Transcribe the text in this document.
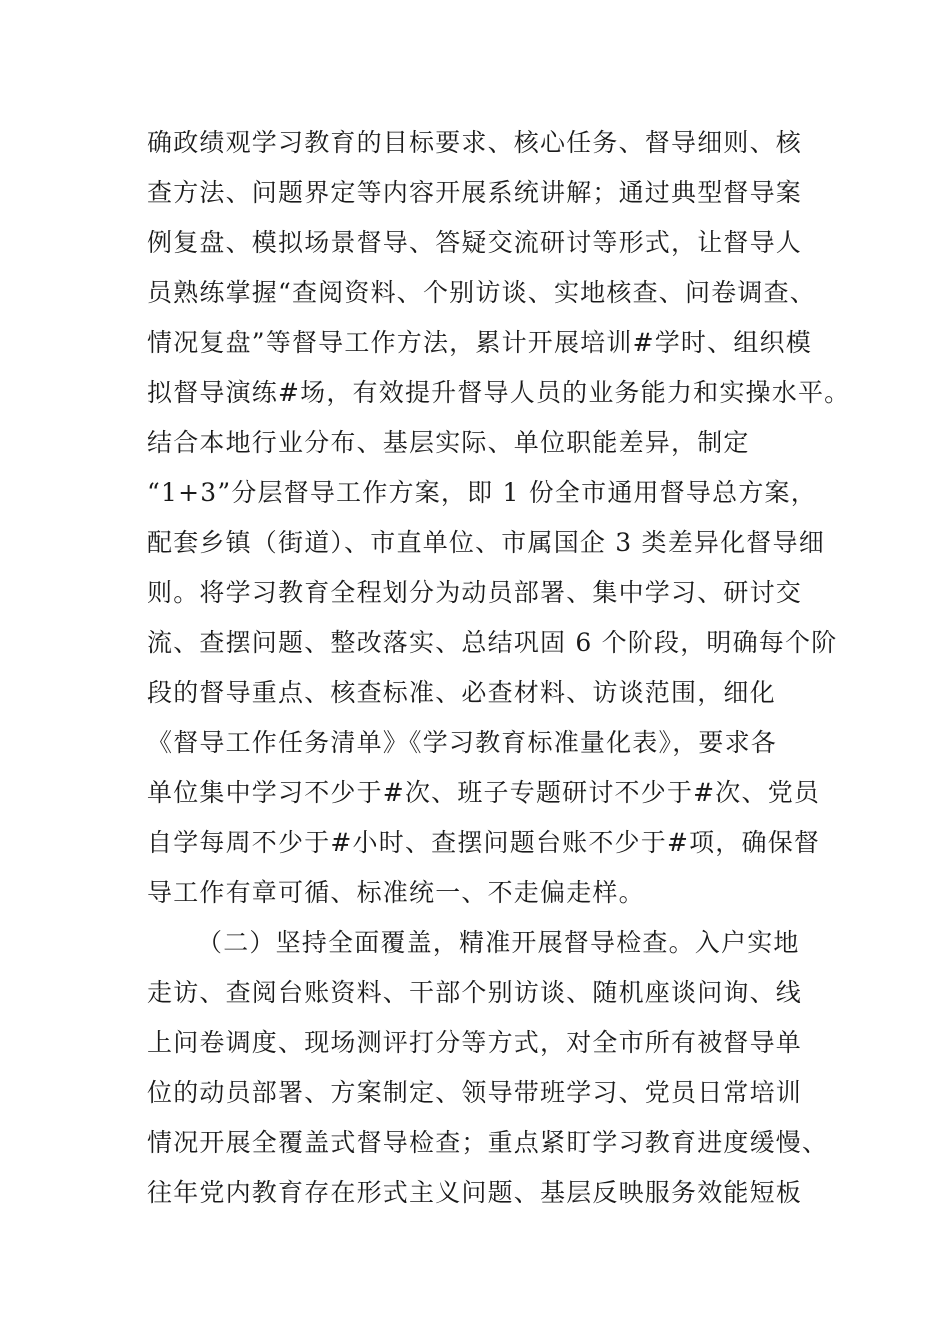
确政绩观学习教育的目标要求、核心任务、督导细则、核
查方法、问题界定等内容开展系统讲解；通过典型督导案
例复盘、模拟场景督导、答疑交流研讨等形式，让督导人
员熟练掌握“查阅资料、个别访谈、实地核查、问卷调查、
情况复盘”等督导工作方法，累计开展培训#学时、组织模
拟督导演练#场，有效提升督导人员的业务能力和实操水平。
结合本地行业分布、基层实际、单位职能差异，制定
“1+3”分层督导工作方案，即 1 份全市通用督导总方案，
配套乡镇（街道）、市直单位、市属国企 3 类差异化督导细
则。将学习教育全程划分为动员部署、集中学习、研讨交
流、查摆问题、整改落实、总结巩固 6 个阶段，明确每个阶
段的督导重点、核查标准、必查材料、访谈范围，细化
《督导工作任务清单》《学习教育标准量化表》，要求各
单位集中学习不少于#次、班子专题研讨不少于#次、党员
自学每周不少于#小时、查摆问题台账不少于#项，确保督
导工作有章可循、标准统一、不走偏走样。
（二）坚持全面覆盖，精准开展督导检查。入户实地
走访、查阅台账资料、干部个别访谈、随机座谈问询、线
上问卷调度、现场测评打分等方式，对全市所有被督导单
位的动员部署、方案制定、领导带班学习、党员日常培训
情况开展全覆盖式督导检查；重点紧盯学习教育进度缓慢、
往年党内教育存在形式主义问题、基层反映服务效能短板
